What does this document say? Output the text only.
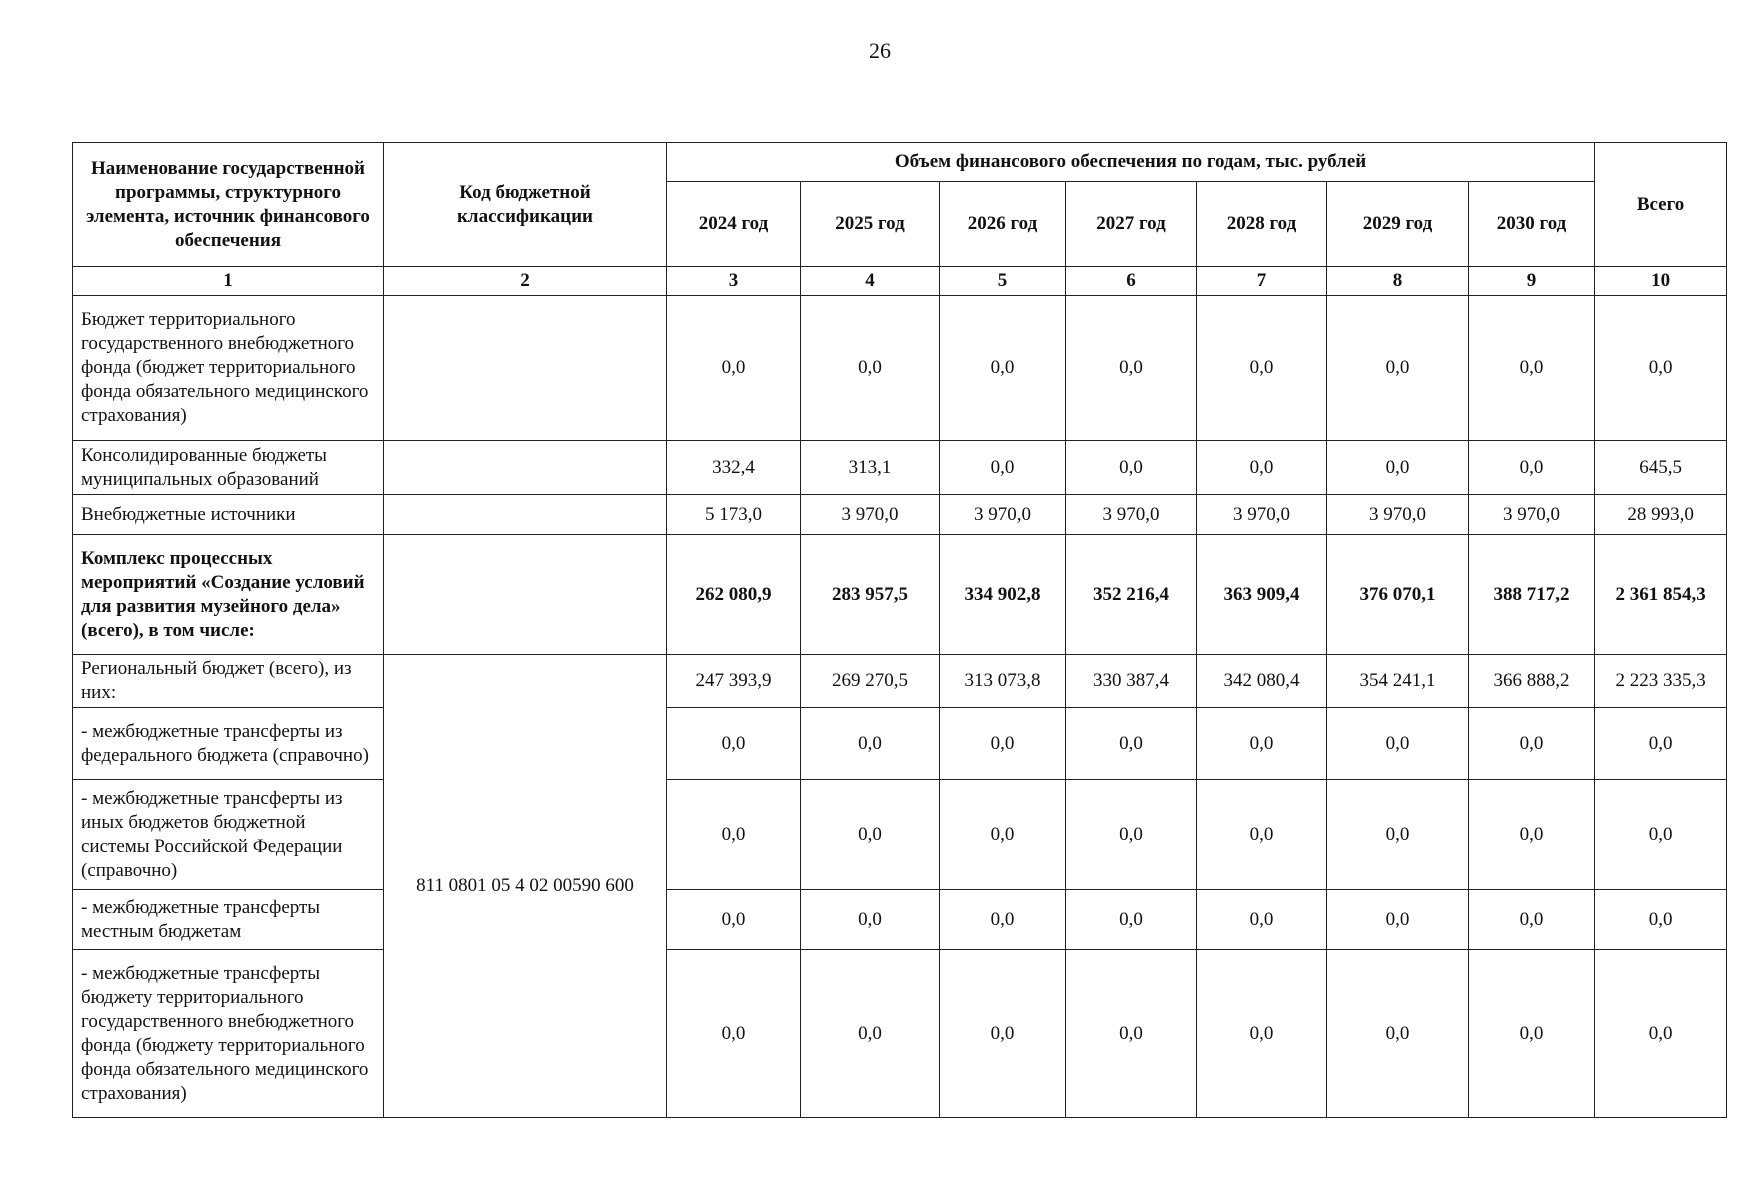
26
Наименование государственной программы, структурного элемента, источник финансового обеспечения	Код бюджетной классификации	Объем финансового обеспечения по годам, тыс. рублей							Всего
		2024 год	2025 год	2026 год	2027 год	2028 год	2029 год	2030 год	
1	2	3	4	5	6	7	8	9	10
Бюджет территориального государственного внебюджетного фонда (бюджет территориального фонда обязательного медицинского страхования)		0,0	0,0	0,0	0,0	0,0	0,0	0,0	0,0
Консолидированные бюджеты муниципальных образований		332,4	313,1	0,0	0,0	0,0	0,0	0,0	645,5
Внебюджетные источники		5 173,0	3 970,0	3 970,0	3 970,0	3 970,0	3 970,0	3 970,0	28 993,0
Комплекс процессных мероприятий «Создание условий для развития музейного дела» (всего), в том числе:		262 080,9	283 957,5	334 902,8	352 216,4	363 909,4	376 070,1	388 717,2	2 361 854,3
Региональный бюджет (всего), из них:	811 0801 05 4 02 00590 600	247 393,9	269 270,5	313 073,8	330 387,4	342 080,4	354 241,1	366 888,2	2 223 335,3
- межбюджетные трансферты из федерального бюджета (справочно)		0,0	0,0	0,0	0,0	0,0	0,0	0,0	0,0
- межбюджетные трансферты из иных бюджетов бюджетной системы Российской Федерации (справочно)		0,0	0,0	0,0	0,0	0,0	0,0	0,0	0,0
- межбюджетные трансферты местным бюджетам		0,0	0,0	0,0	0,0	0,0	0,0	0,0	0,0
- межбюджетные трансферты бюджету территориального государственного внебюджетного фонда (бюджету территориального фонда обязательного медицинского страхования)		0,0	0,0	0,0	0,0	0,0	0,0	0,0	0,0
